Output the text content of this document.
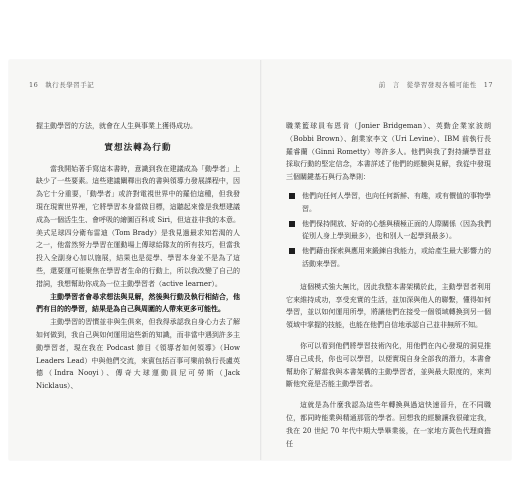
16　執行長學習手記

握主動學習的方法，就會在人生與事業上獲得成功。

實想法轉為行動

當我開始著手寫這本書時，意識到我在建議成為「動學者」上缺少了一些要素。這些建議闡釋出我的書與領導力發展課程中，因為它十分重要，「動學者」或許對電視世界中的羅伯這種，但我發現在現實世界裡，它將學習本身當做目標，這聽起來像是我想建議成為一個活生生、會呼吸的繪圖百科或 Siri，但這並非我的本意。美式足球四分衛布雷迪（Tom Brady）是我見過最求知若渴的人之一，他當然努力學習在運動場上傳球給隊友的所有技巧，但當我投入全副身心加以施展，結果也是從學、學習本身並不是為了這些，還要運可能聚焦在學習者生命的行動上，所以我改變了自己的措詞，我想幫助你成為一位主動學習者（active learner）。

主動學習者會尋求想法與見解，然後與行動及執行相結合，他們有目的的學習，結果是為自己與周圍的人帶來更多可能性。

主動學習的習慣並非與生俱來，但我得承認我自身心力去了解如何做到，我自己與如何運用這些新的知識，而非當中遇到許多主動學習者，現在我在 Podcast 節目《領導者如何領導》（How Leaders Lead）中與他們交流，來賓包括百事可樂前執行長盧英德（Indra Nooyi）、傳奇大球運動員尼可勞斯（Jack Nicklaus）、

前　言　從學習發現各種可能性　17

職業籃球員布恩肯（Jonier Bridgeman）、英勤企業家波朗（Bobbi Brown）、創業家李文（Uri Levine）、IBM 前執行長羅睿蘭（Ginni Rometty）等許多人。他們與我了對持續學習並採取行動的堅定信念，本書詳述了他們的經驗與見解，我從中發現三個關鍵基石與行為準則：

他們向任何人學習，也向任何新鮮、有趣，或有價值的事物學習。
他們保持開放、好奇的心態與積極正面的人際關係（因為我們從別人身上學到最多），也和別人一起學到最多）。
他們藉由探索與應用來鍛鍊自我能力，或給產生最大影響力的活動來學習。

這個模式強大無比，因此我整本書架構於此，主動學習者利用它來維持成功，享受充實的生活，並加深與他人的聯繫，懂得如何學習，並以如何運用所學，將讓他們在接受一個領域轉換到另一個領域中掌握的技能，也能在他們自信地承認自己並非無所不知。

你可以看到他們將學習技術內化，用他們在內心發現的洞見推導自己成長，你也可以學習，以便實現自身全部我的潛力，本書會幫助你了解當我與本書架構的主動學習者，並與最大限度的，來判斷他究竟是否能主動學習者。

這就是為什麼我認為這些年轉換與過這快速晉升，在不同職位，都同時能業與精通那管的學者。回想我的經驗讓我很確定我，我在 20 世紀 70 年代中期大學畢業後，在一家地方黃色代理商擔任
